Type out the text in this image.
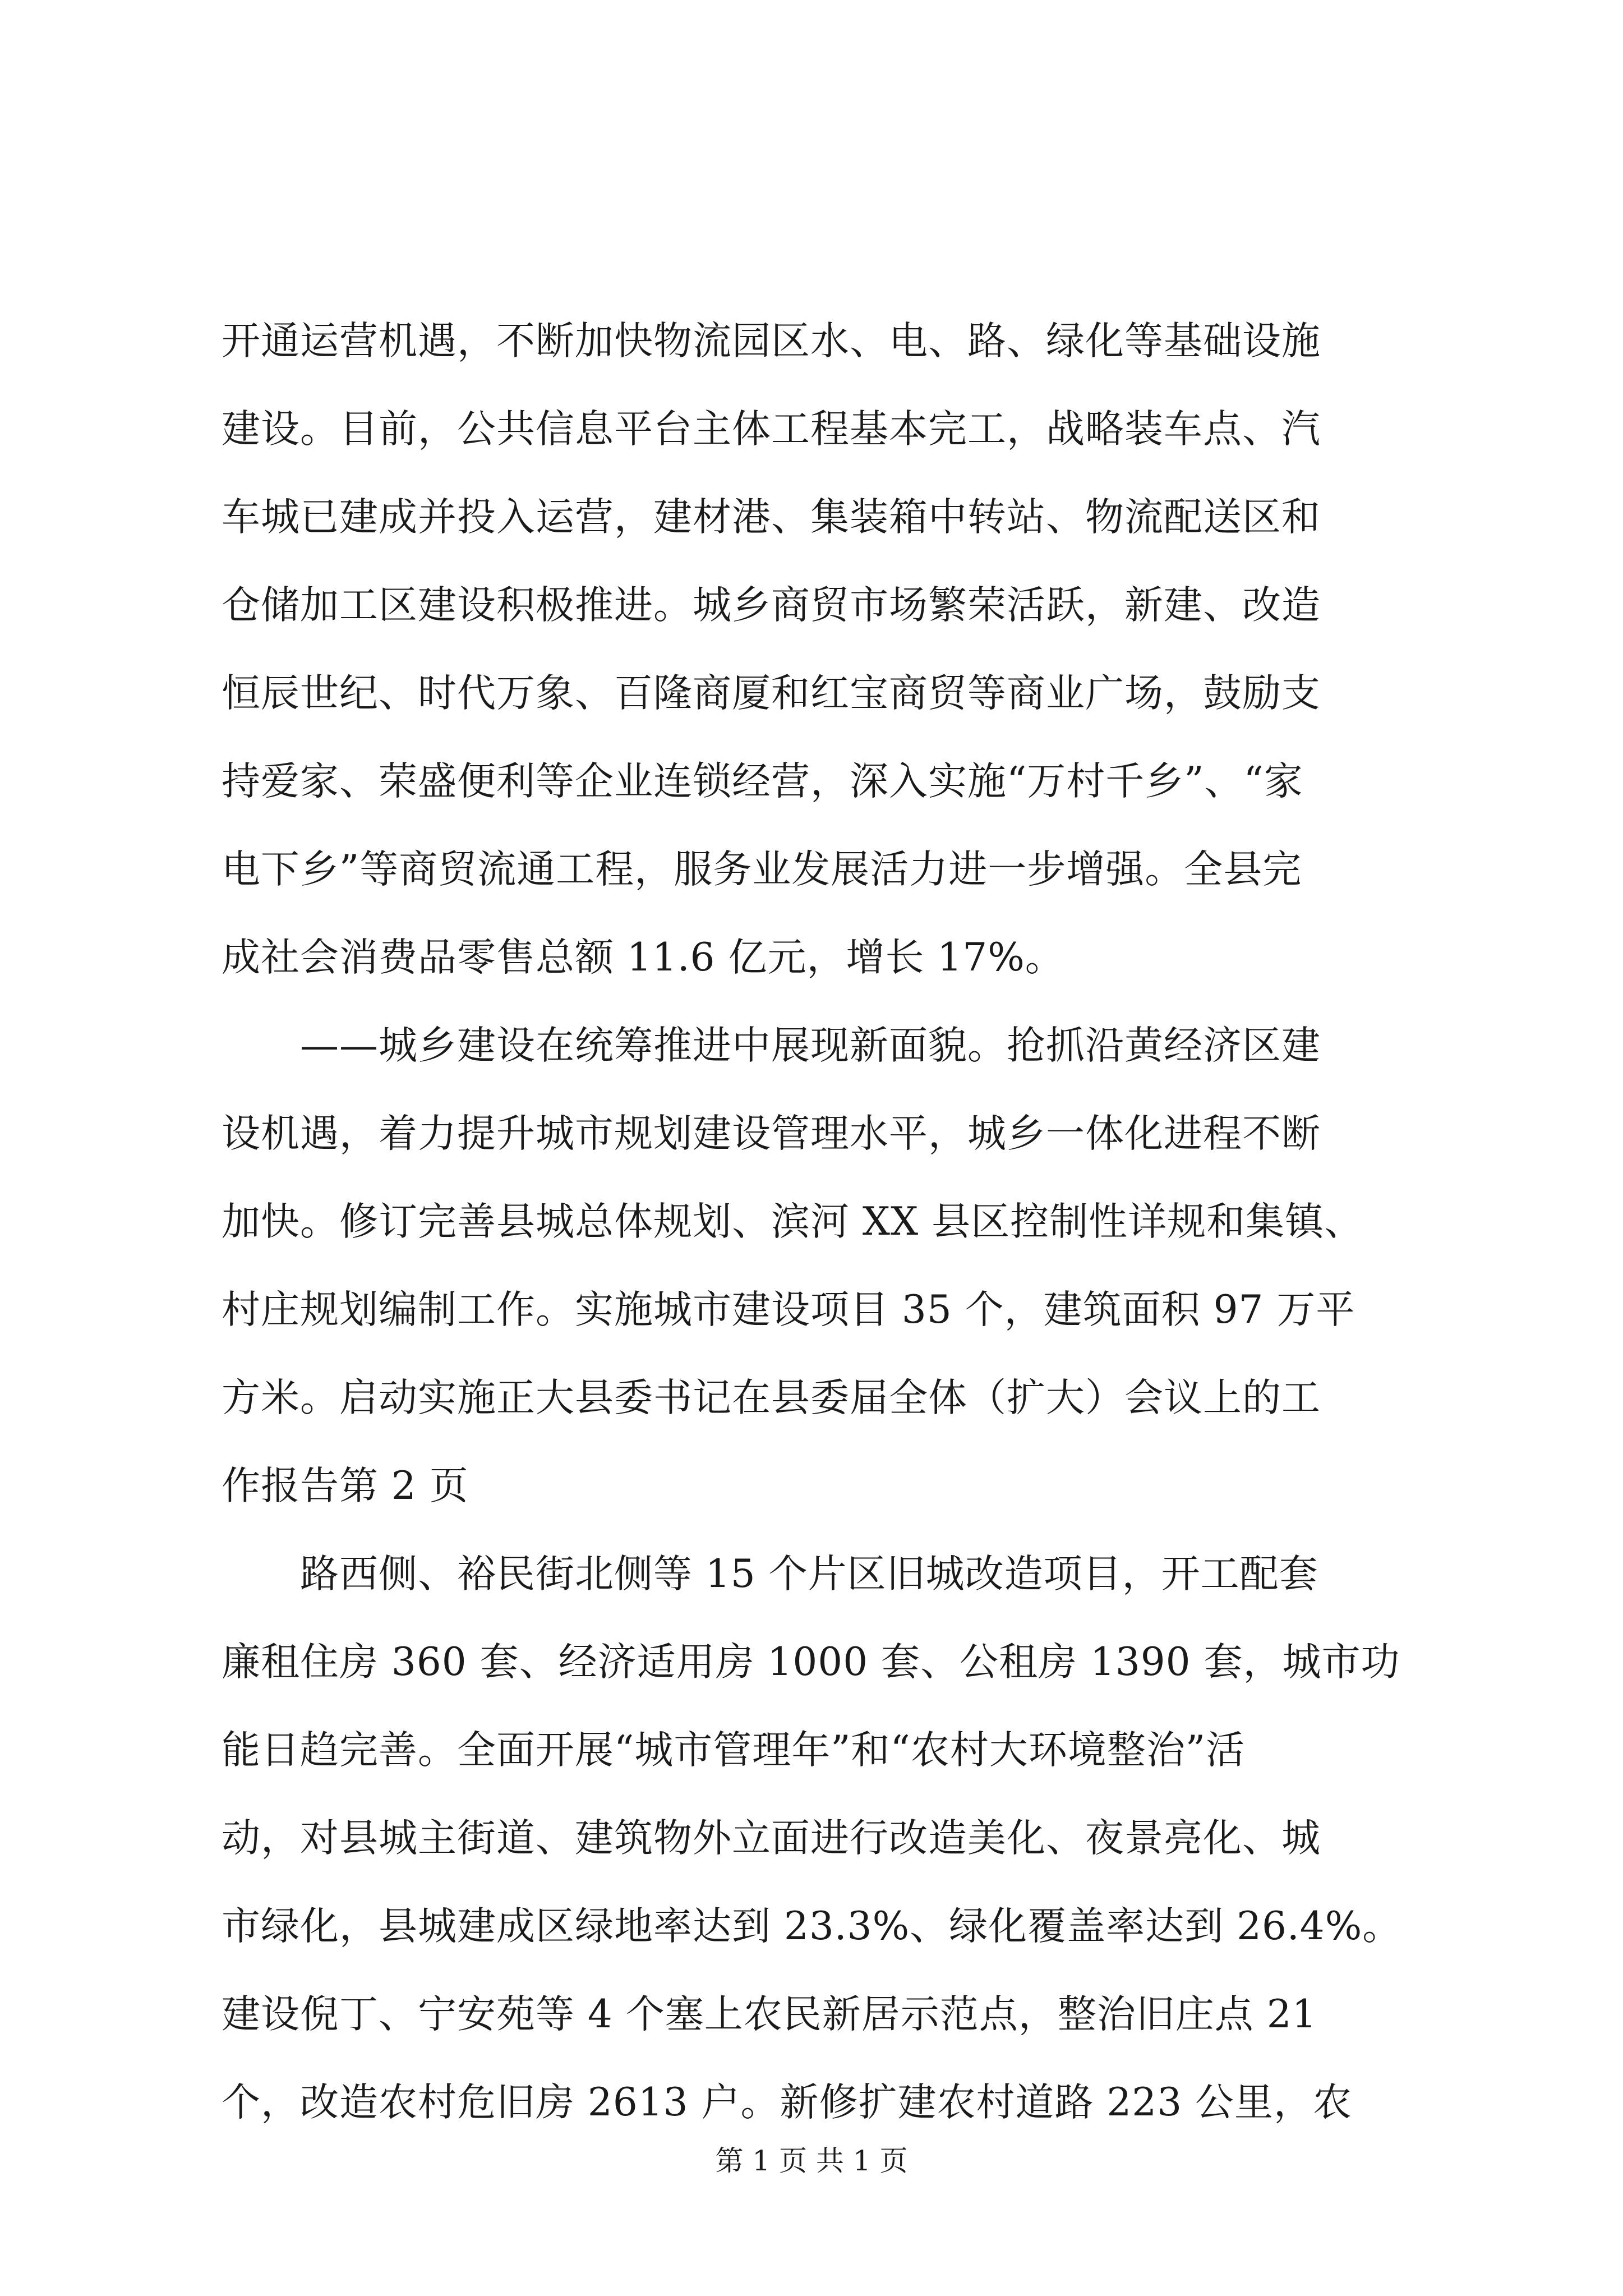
开通运营机遇，不断加快物流园区水、电、路、绿化等基础设施
建设。目前，公共信息平台主体工程基本完工，战略装车点、汽
车城已建成并投入运营，建材港、集装箱中转站、物流配送区和
仓储加工区建设积极推进。城乡商贸市场繁荣活跃，新建、改造
恒辰世纪、时代万象、百隆商厦和红宝商贸等商业广场，鼓励支
持爱家、荣盛便利等企业连锁经营，深入实施“万村千乡”、“家
电下乡”等商贸流通工程，服务业发展活力进一步增强。全县完
成社会消费品零售总额 11.6 亿元，增长 17%。
——城乡建设在统筹推进中展现新面貌。抢抓沿黄经济区建
设机遇，着力提升城市规划建设管理水平，城乡一体化进程不断
加快。修订完善县城总体规划、滨河 XX 县区控制性详规和集镇、
村庄规划编制工作。实施城市建设项目 35 个，建筑面积 97 万平
方米。启动实施正大县委书记在县委届全体（扩大）会议上的工
作报告第 2 页
路西侧、裕民街北侧等 15 个片区旧城改造项目，开工配套
廉租住房 360 套、经济适用房 1000 套、公租房 1390 套，城市功
能日趋完善。全面开展“城市管理年”和“农村大环境整治”活
动，对县城主街道、建筑物外立面进行改造美化、夜景亮化、城
市绿化，县城建成区绿地率达到 23.3%、绿化覆盖率达到 26.4%。
建设倪丁、宁安苑等 4 个塞上农民新居示范点，整治旧庄点 21
个，改造农村危旧房 2613 户。新修扩建农村道路 223 公里，农
第 1 页 共 1 页
